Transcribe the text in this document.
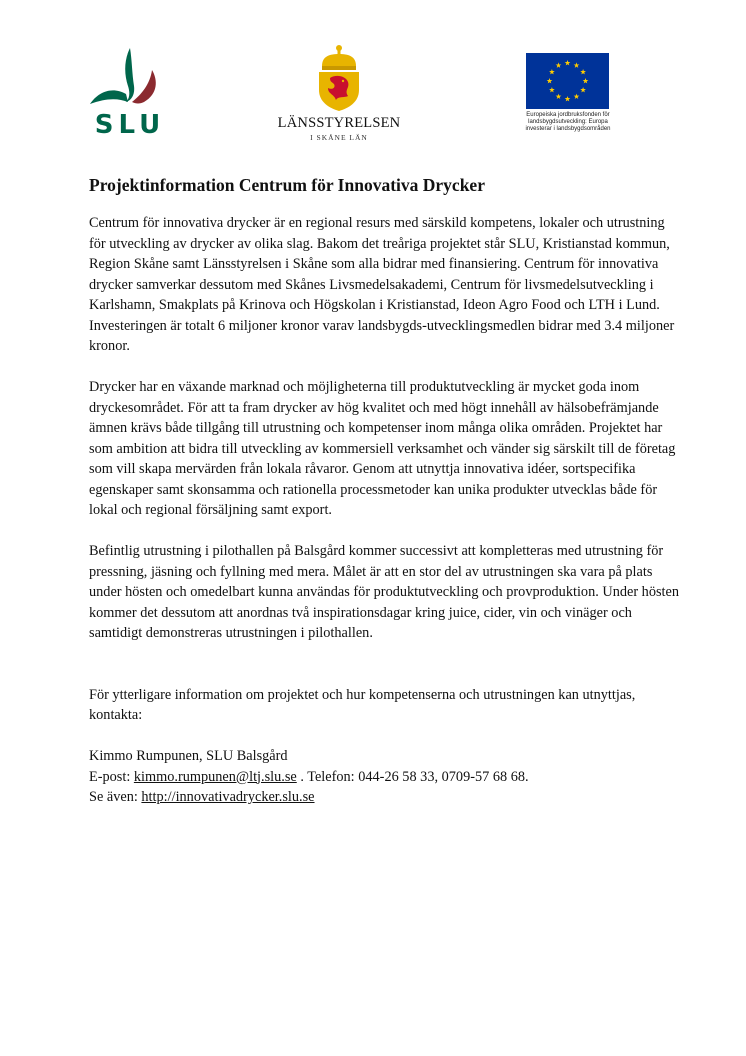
SLU	LÄNSSTYRELSEN
I SKÅNE LÄN
Europeiska jordbruksfonden för
landsbygdsutveckling: Europa
investerar i landsbygdsområden
Projektinformation Centrum för Innovativa Drycker

Centrum för innovativa drycker är en regional resurs med särskild kompetens, lokaler och utrustning för utveckling av drycker av olika slag. Bakom det treåriga projektet står SLU, Kristianstad kommun, Region Skåne samt Länsstyrelsen i Skåne som alla bidrar med finansiering. Centrum för innovativa drycker samverkar dessutom med Skånes Livsmedelsakademi, Centrum för livsmedelsutveckling i Karlshamn, Smakplats på Krinova och Högskolan i Kristianstad, Ideon Agro Food och LTH i Lund. Investeringen är totalt 6 miljoner kronor varav landsbygds-utvecklingsmedlen bidrar med 3.4 miljoner kronor.

Drycker har en växande marknad och möjligheterna till produktutveckling är mycket goda inom dryckesområdet. För att ta fram drycker av hög kvalitet och med högt innehåll av hälsobefrämjande ämnen krävs både tillgång till utrustning och kompetenser inom många olika områden. Projektet har som ambition att bidra till utveckling av kommersiell verksamhet och vänder sig särskilt till de företag som vill skapa mervärden från lokala råvaror. Genom att utnyttja innovativa idéer, sortspecifika egenskaper samt skonsamma och rationella processmetoder kan unika produkter utvecklas både för lokal och regional försäljning samt export.

Befintlig utrustning i pilothallen på Balsgård kommer successivt att kompletteras med utrustning för pressning, jäsning och fyllning med mera. Målet är att en stor del av utrustningen ska vara på plats under hösten och omedelbart kunna användas för produktutveckling och provproduktion. Under hösten kommer det dessutom att anordnas två inspirationsdagar kring juice, cider, vin och vinäger och samtidigt demonstreras utrustningen i pilothallen.

För ytterligare information om projektet och hur kompetenserna och utrustningen kan utnyttjas, kontakta:

Kimmo Rumpunen, SLU Balsgård
E-post: kimmo.rumpunen@ltj.slu.se . Telefon: 044-26 58 33, 0709-57 68 68.
Se även: http://innovativadrycker.slu.se
